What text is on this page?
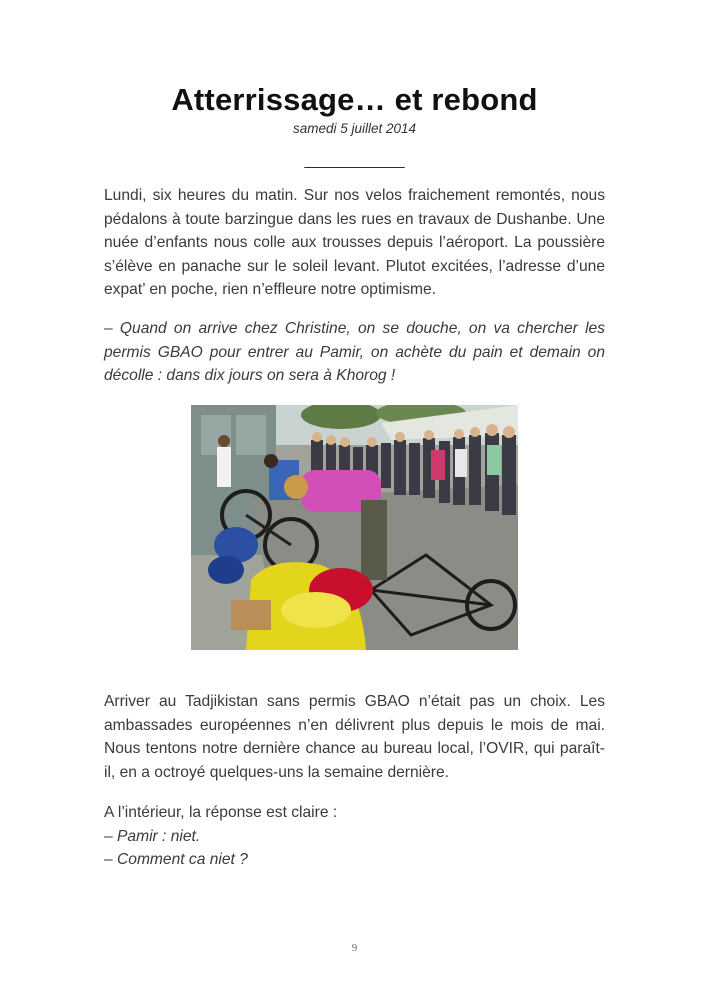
Atterrissage… et rebond
samedi 5 juillet 2014
____________

Lundi, six heures du matin. Sur nos velos fraichement remontés, nous pédalons à toute barzingue dans les rues en travaux de Dushanbe. Une nuée d’enfants nous colle aux trousses depuis l’aéroport. La poussière s’élève en panache sur le soleil levant. Plutot excitées, l’adresse d’une expat’ en poche, rien n’effleure notre optimisme.

– Quand on arrive chez Christine, on se douche, on va chercher les permis GBAO pour entrer au Pamir, on achète du pain et demain on décolle : dans dix jours on sera à Khorog !

Arriver au Tadjikistan sans permis GBAO n’était pas un choix. Les ambassades européennes n’en délivrent plus depuis le mois de mai. Nous tentons notre dernière chance au bureau local, l’OVIR, qui paraît-il, en a octroyé quelques-uns la semaine dernière.

A l’intérieur, la réponse est claire :
– Pamir : niet.
– Comment ca niet ?

9
